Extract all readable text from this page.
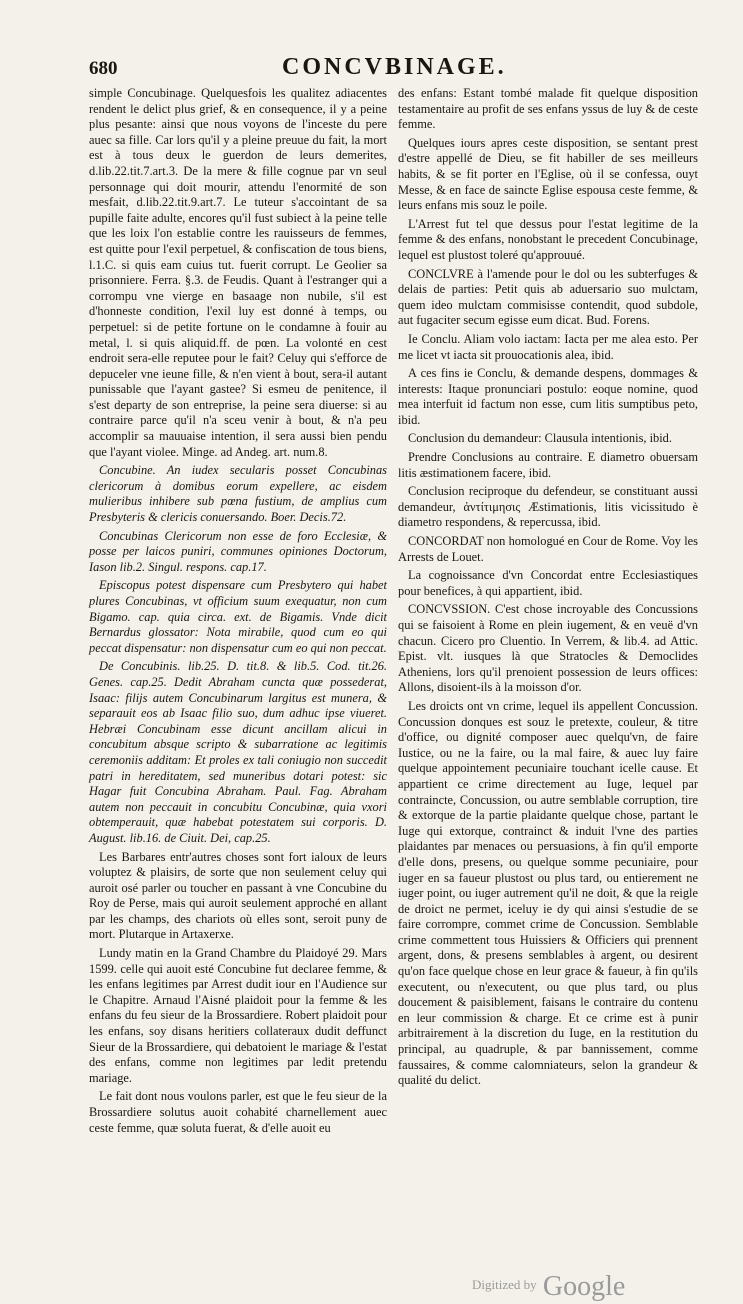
680	CONCVBINAGE.

simple Concubinage. Quelquesfois les qualitez adiacentes rendent le delict plus grief, & en consequence, il y a peine plus pesante: ainsi que nous voyons de l'inceste du pere auec sa fille. Car lors qu'il y a pleine preuue du fait, la mort est à tous deux le guerdon de leurs demerites, d.lib.22.tit.7.art.3. De la mere & fille cognue par vn seul personnage qui doit mourir, attendu l'enormité de son mesfait, d.lib.22.tit.9.art.7. Le tuteur s'accointant de sa pupille faite adulte, encores qu'il fust subiect à la peine telle que les loix l'on establie contre les rauisseurs de femmes, est quitte pour l'exil perpetuel, & confiscation de tous biens, l.1.C. si quis eam cuius tut. fuerit corrupt. Le Geolier sa prisonniere. Ferra. §.3. de Feudis. Quant à l'estranger qui a corrompu vne vierge en basaage non nubile, s'il est d'honneste condition, l'exil luy est donné à temps, ou perpetuel: si de petite fortune on le condamne à fouir au metal, l. si quis aliquid.ff. de pœn. La volonté en cest endroit sera-elle reputee pour le fait? Celuy qui s'efforce de depuceler vne ieune fille, & n'en vient à bout, sera-il autant punissable que l'ayant gastee? Si esmeu de penitence, il s'est departy de son entreprise, la peine sera diuerse: si au contraire parce qu'il n'a sceu venir à bout, & n'a peu accomplir sa mauuaise intention, il sera aussi bien pendu que l'ayant violee. Minge. ad Andeg. art. num.8.

Concubine. An iudex secularis posset Concubinas clericorum à domibus eorum expellere, ac eisdem mulieribus inhibere sub pœna fustium, de amplius cum Presbyteris & clericis conuersando. Boer. Decis.72.

Concubinas Clericorum non esse de foro Ecclesiæ, & posse per laicos puniri, communes opiniones Doctorum, Iason lib.2. Singul. respons. cap.17.

Episcopus potest dispensare cum Presbytero qui habet plures Concubinas, vt officium suum exequatur, non cum Bigamo. cap. quia circa. ext. de Bigamis. Vnde dicit Bernardus glossator: Nota mirabile, quod cum eo qui peccat dispensatur: non dispensatur cum eo qui non peccat.

De Concubinis. lib.25. D. tit.8. & lib.5. Cod. tit.26. Genes. cap.25. Dedit Abraham cuncta quæ possederat, Isaac: filijs autem Concubinarum largitus est munera, & separauit eos ab Isaac filio suo, dum adhuc ipse viueret. Hebræi Concubinam esse dicunt ancillam alicui in concubitum absque scripto & subarratione ac legitimis ceremoniis additam: Et proles ex tali coniugio non succedit patri in hereditatem, sed muneribus dotari potest: sic Hagar fuit Concubina Abraham. Paul. Fag. Abraham autem non peccauit in concubitu Concubinæ, quia vxori obtemperauit, quæ habebat potestatem sui corporis. D. August. lib.16. de Ciuit. Dei, cap.25.

Les Barbares entr'autres choses sont fort ialoux de leurs voluptez & plaisirs, de sorte que non seulement celuy qui auroit osé parler ou toucher en passant à vne Concubine du Roy de Perse, mais qui auroit seulement approché en allant par les champs, des chariots où elles sont, seroit puny de mort. Plutarque in Artaxerxe.

Lundy matin en la Grand Chambre du Plaidoyé 29. Mars 1599. celle qui auoit esté Concubine fut declaree femme, & les enfans legitimes par Arrest dudit iour en l'Audience sur le Chapitre. Arnaud l'Aisné plaidoit pour la femme & les enfans du feu sieur de la Brossardiere. Robert plaidoit pour les enfans, soy disans heritiers collateraux dudit deffunct Sieur de la Brossardiere, qui debatoient le mariage & l'estat des enfans, comme non legitimes par ledit pretendu mariage.

Le fait dont nous voulons parler, est que le feu sieur de la Brossardiere solutus auoit cohabité charnellement auec ceste femme, quæ soluta fuerat, & d'elle auoit eu

des enfans: Estant tombé malade fit quelque disposition testamentaire au profit de ses enfans yssus de luy & de ceste femme.

Quelques iours apres ceste disposition, se sentant prest d'estre appellé de Dieu, se fit habiller de ses meilleurs habits, & se fit porter en l'Eglise, où il se confessa, ouyt Messe, & en face de saincte Eglise espousa ceste femme, & leurs enfans mis souz le poile.

L'Arrest fut tel que dessus pour l'estat legitime de la femme & des enfans, nonobstant le precedent Concubinage, lequel est plustost toleré qu'approuué.

CONCLVRE à l'amende pour le dol ou les subterfuges & delais de parties: Petit quis ab aduersario suo mulctam, quem ideo mulctam commisisse contendit, quod subdole, aut fugaciter secum egisse eum dicat. Bud. Forens.

Ie Conclu. Aliam volo iactam: Iacta per me alea esto. Per me licet vt iacta sit prouocationis alea, ibid.

A ces fins ie Conclu, & demande despens, dommages & interests: Itaque pronunciari postulo: eoque nomine, quod mea interfuit id factum non esse, cum litis sumptibus peto, ibid.

Conclusion du demandeur: Clausula intentionis, ibid.

Prendre Conclusions au contraire. E diametro obuersam litis æstimationem facere, ibid.

Conclusion reciproque du defendeur, se constituant aussi demandeur, ἀντίτιμησις Æstimationis, litis vicissitudo è diametro respondens, & repercussa, ibid.

CONCORDAT non homologué en Cour de Rome. Voy les Arrests de Louet.

La cognoissance d'vn Concordat entre Ecclesiastiques pour benefices, à qui appartient, ibid.

CONCVSSION. C'est chose incroyable des Concussions qui se faisoient à Rome en plein iugement, & en veuë d'vn chacun. Cicero pro Cluentio. In Verrem, & lib.4. ad Attic. Epist. vlt. iusques là que Stratocles & Democlides Atheniens, lors qu'il prenoient possession de leurs offices: Allons, disoient-ils à la moisson d'or.

Les droicts ont vn crime, lequel ils appellent Concussion. Concussion donques est souz le pretexte, couleur, & titre d'office, ou dignité composer auec quelqu'vn, de faire Iustice, ou ne la faire, ou la mal faire, & auec luy faire quelque appointement pecuniaire touchant icelle cause. Et appartient ce crime directement au Iuge, lequel par contraincte, Concussion, ou autre semblable corruption, tire & extorque de la partie plaidante quelque chose, partant le Iuge qui extorque, contrainct & induit l'vne des parties plaidantes par menaces ou persuasions, à fin qu'il emporte d'elle dons, presens, ou quelque somme pecuniaire, pour iuger en sa faueur plustost ou plus tard, ou entierement ne iuger point, ou iuger autrement qu'il ne doit, & que la reigle de droict ne permet, iceluy ie dy qui ainsi s'estudie de se faire corrompre, commet crime de Concussion. Semblable crime commettent tous Huissiers & Officiers qui prennent argent, dons, & presens semblables à argent, ou desirent qu'on face quelque chose en leur grace & faueur, à fin qu'ils executent, ou n'executent, ou que plus tard, ou plus doucement & paisiblement, faisans le contraire du contenu en leur commission & charge. Et ce crime est à punir arbitrairement à la discretion du Iuge, en la restitution du principal, au quadruple, & par bannissement, comme faussaires, & comme calomniateurs, selon la grandeur & qualité du delict.

Digitized by Google
